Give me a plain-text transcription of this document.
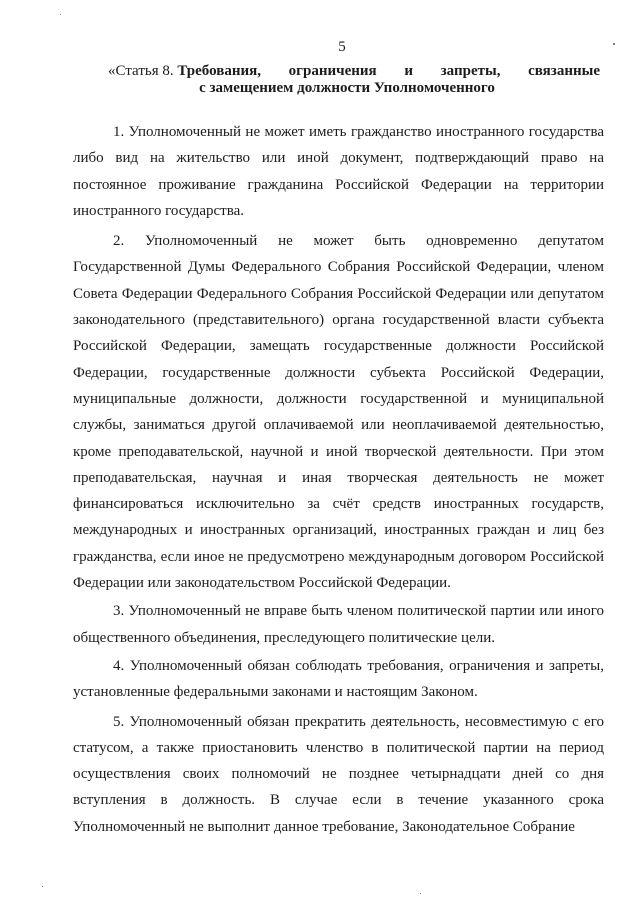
5
«Статья 8. Требования, ограничения и запреты, связанные
с замещением должности Уполномоченного

1. Уполномоченный не может иметь гражданство иностранного государства либо вид на жительство или иной документ, подтверждающий право на постоянное проживание гражданина Российской Федерации на территории иностранного государства.

2. Уполномоченный не может быть одновременно депутатом Государственной Думы Федерального Собрания Российской Федерации, членом Совета Федерации Федерального Собрания Российской Федерации или депутатом законодательного (представительного) органа государственной власти субъекта Российской Федерации, замещать государственные должности Российской Федерации, государственные должности субъекта Российской Федерации, муниципальные должности, должности государственной и муниципальной службы, заниматься другой оплачиваемой или неоплачиваемой деятельностью, кроме преподавательской, научной и иной творческой деятельности. При этом преподавательская, научная и иная творческая деятельность не может финансироваться исключительно за счёт средств иностранных государств, международных и иностранных организаций, иностранных граждан и лиц без гражданства, если иное не предусмотрено международным договором Российской Федерации или законодательством Российской Федерации.

3. Уполномоченный не вправе быть членом политической партии или иного общественного объединения, преследующего политические цели.

4. Уполномоченный обязан соблюдать требования, ограничения и запреты, установленные федеральными законами и настоящим Законом.

5. Уполномоченный обязан прекратить деятельность, несовместимую с его статусом, а также приостановить членство в политической партии на период осуществления своих полномочий не позднее четырнадцати дней со дня вступления в должность. В случае если в течение указанного срока Уполномоченный не выполнит данное требование, Законодательное Собрание
